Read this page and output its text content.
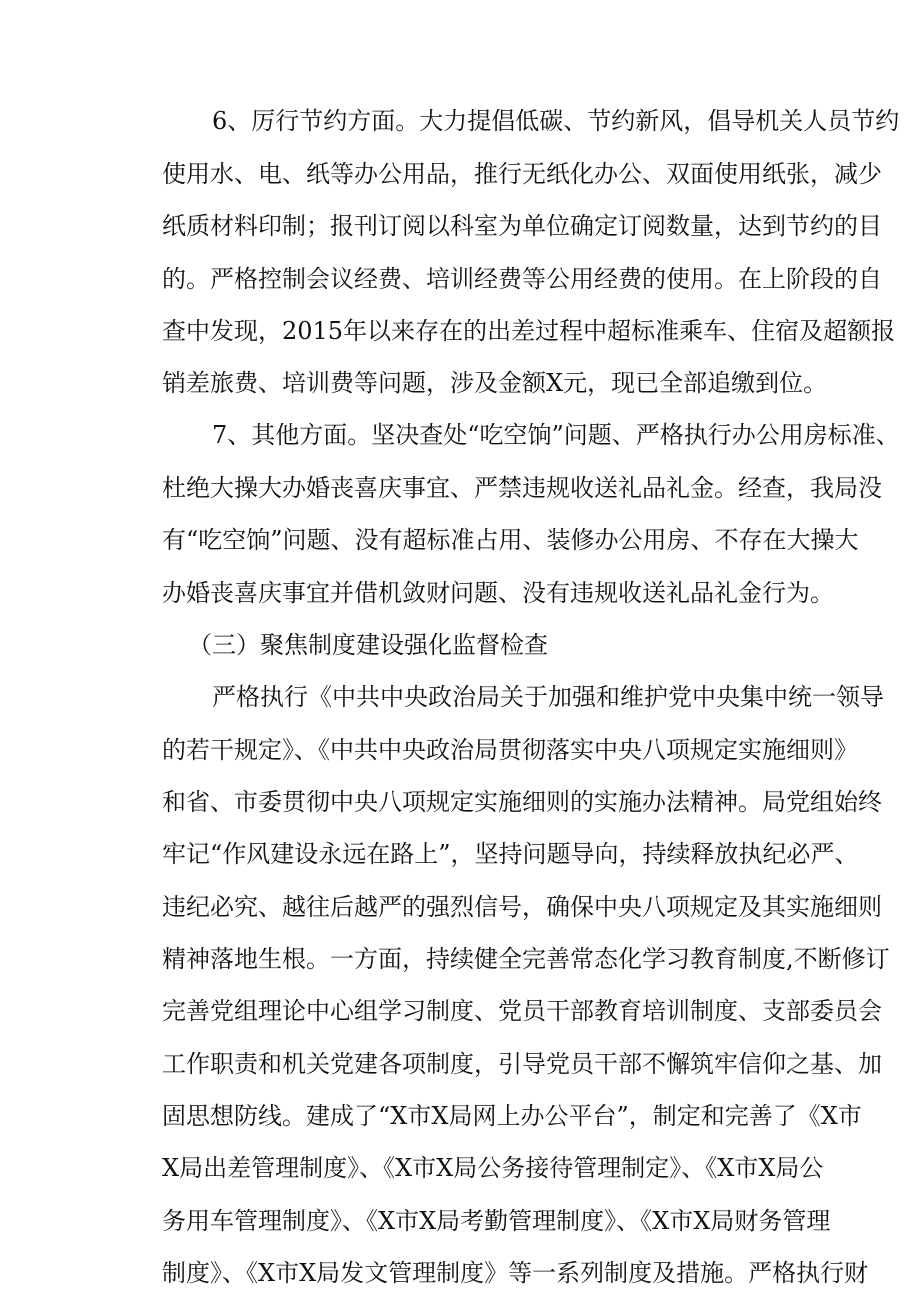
6、厉行节约方面。大力提倡低碳、节约新风，倡导机关人员节约
使用水、电、纸等办公用品，推行无纸化办公、双面使用纸张，减少
纸质材料印制；报刊订阅以科室为单位确定订阅数量，达到节约的目
的。严格控制会议经费、培训经费等公用经费的使用。在上阶段的自
查中发现，2015年以来存在的出差过程中超标准乘车、住宿及超额报
销差旅费、培训费等问题，涉及金额X元，现已全部追缴到位。
7、其他方面。坚决查处“吃空饷”问题、严格执行办公用房标准、
杜绝大操大办婚丧喜庆事宜、严禁违规收送礼品礼金。经查，我局没
有“吃空饷”问题、没有超标准占用、装修办公用房、不存在大操大
办婚丧喜庆事宜并借机敛财问题、没有违规收送礼品礼金行为。
（三）聚焦制度建设强化监督检查
严格执行《中共中央政治局关于加强和维护党中央集中统一领导
的若干规定》、《中共中央政治局贯彻落实中央八项规定实施细则》
和省、市委贯彻中央八项规定实施细则的实施办法精神。局党组始终
牢记“作风建设永远在路上”，坚持问题导向，持续释放执纪必严、
违纪必究、越往后越严的强烈信号，确保中央八项规定及其实施细则
精神落地生根。一方面，持续健全完善常态化学习教育制度,不断修订
完善党组理论中心组学习制度、党员干部教育培训制度、支部委员会
工作职责和机关党建各项制度，引导党员干部不懈筑牢信仰之基、加
固思想防线。建成了“X市X局网上办公平台”，制定和完善了《X市
X局出差管理制度》、《X市X局公务接待管理制定》、《X市X局公
务用车管理制度》、《X市X局考勤管理制度》、《X市X局财务管理
制度》、《X市X局发文管理制度》等一系列制度及措施。严格执行财
